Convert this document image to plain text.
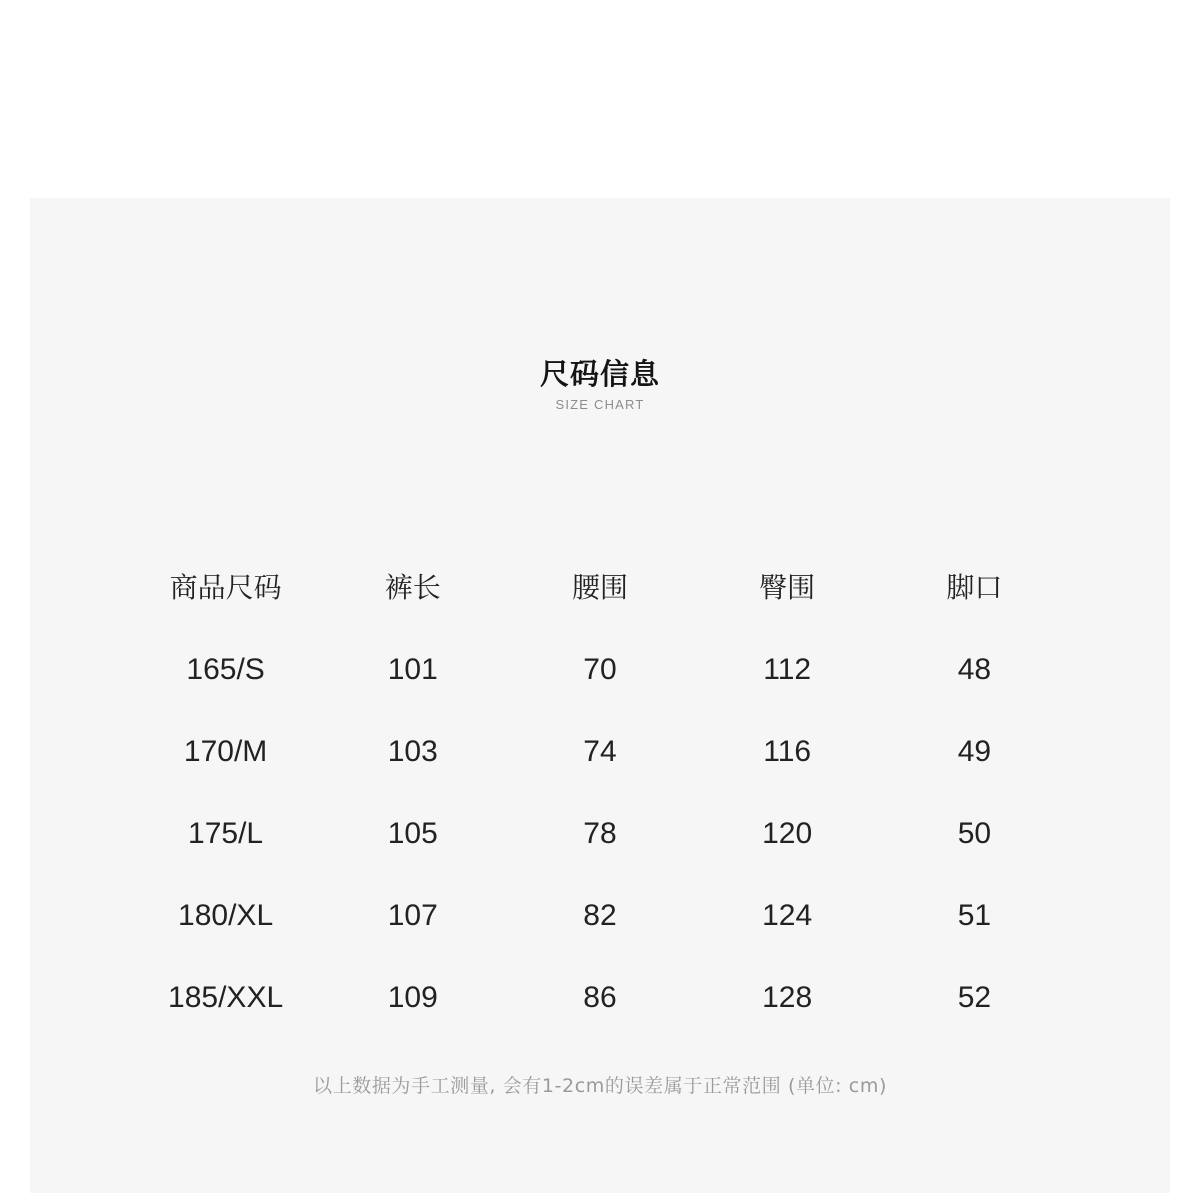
尺码信息
SIZE CHART
商品尺码	裤长	腰围	臀围	脚口
165/S	101	70	112	48
170/M	103	74	116	49
175/L	105	78	120	50
180/XL	107	82	124	51
185/XXL	109	86	128	52
以上数据为手工测量, 会有1-2cm的误差属于正常范围 (单位: cm)
